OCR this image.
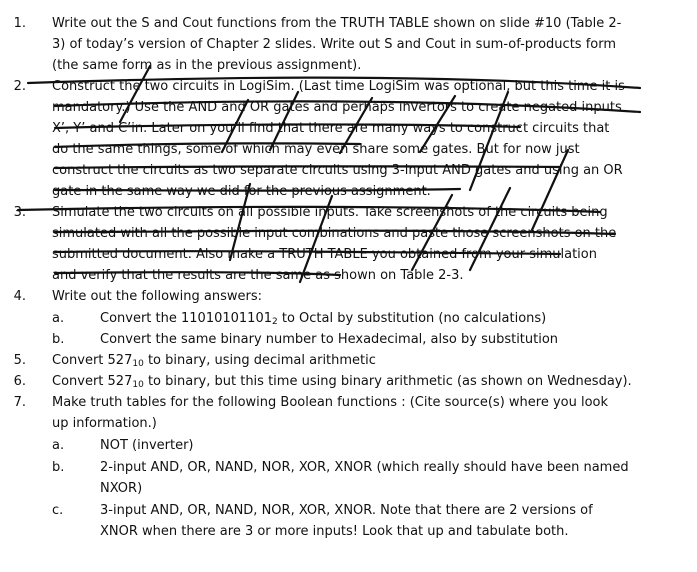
1. Write out the S and Cout functions from the TRUTH TABLE shown on slide #10 (Table 2-
3) of today’s version of Chapter 2 slides. Write out S and Cout in sum-of-products form
(the same form as in the previous assignment).
2. Construct the two circuits in LogiSim. (Last time LogiSim was optional, but this time it is
mandatory.) Use the AND and OR gates and perhaps invertors to create negated inputs
X’, Y’ and C’in. Later on you’ll find that there are many ways to construct circuits that
do the same things, some of which may even share some gates. But for now just
construct the circuits as two separate circuits using 3-input AND gates and using an OR
gate in the same way we did for the previous assignment.
3. Simulate the two circuits on all possible inputs. Take screenshots of the circuits being
simulated with all the possible input combinations and paste those screenshots on the
submitted document. Also make a TRUTH TABLE you obtained from your simulation
and verify that the results are the same as shown on Table 2-3.
4. Write out the following answers:
a.	Convert the $11010101101_2$ to Octal by substitution (no calculations)
b.	Convert the same binary number to Hexadecimal, also by substitution
5. Convert $527_{10}$ to binary, using decimal arithmetic
6. Convert $527_{10}$ to binary, but this time using binary arithmetic (as shown on Wednesday).
7. Make truth tables for the following Boolean functions : (Cite source(s) where you look
up information.)
a.	NOT (inverter)
b.	2-input AND, OR, NAND, NOR, XOR, XNOR (which really should have been named
NXOR)
c.	3-input AND, OR, NAND, NOR, XOR, XNOR. Note that there are 2 versions of
XNOR when there are 3 or more inputs! Look that up and tabulate both.
